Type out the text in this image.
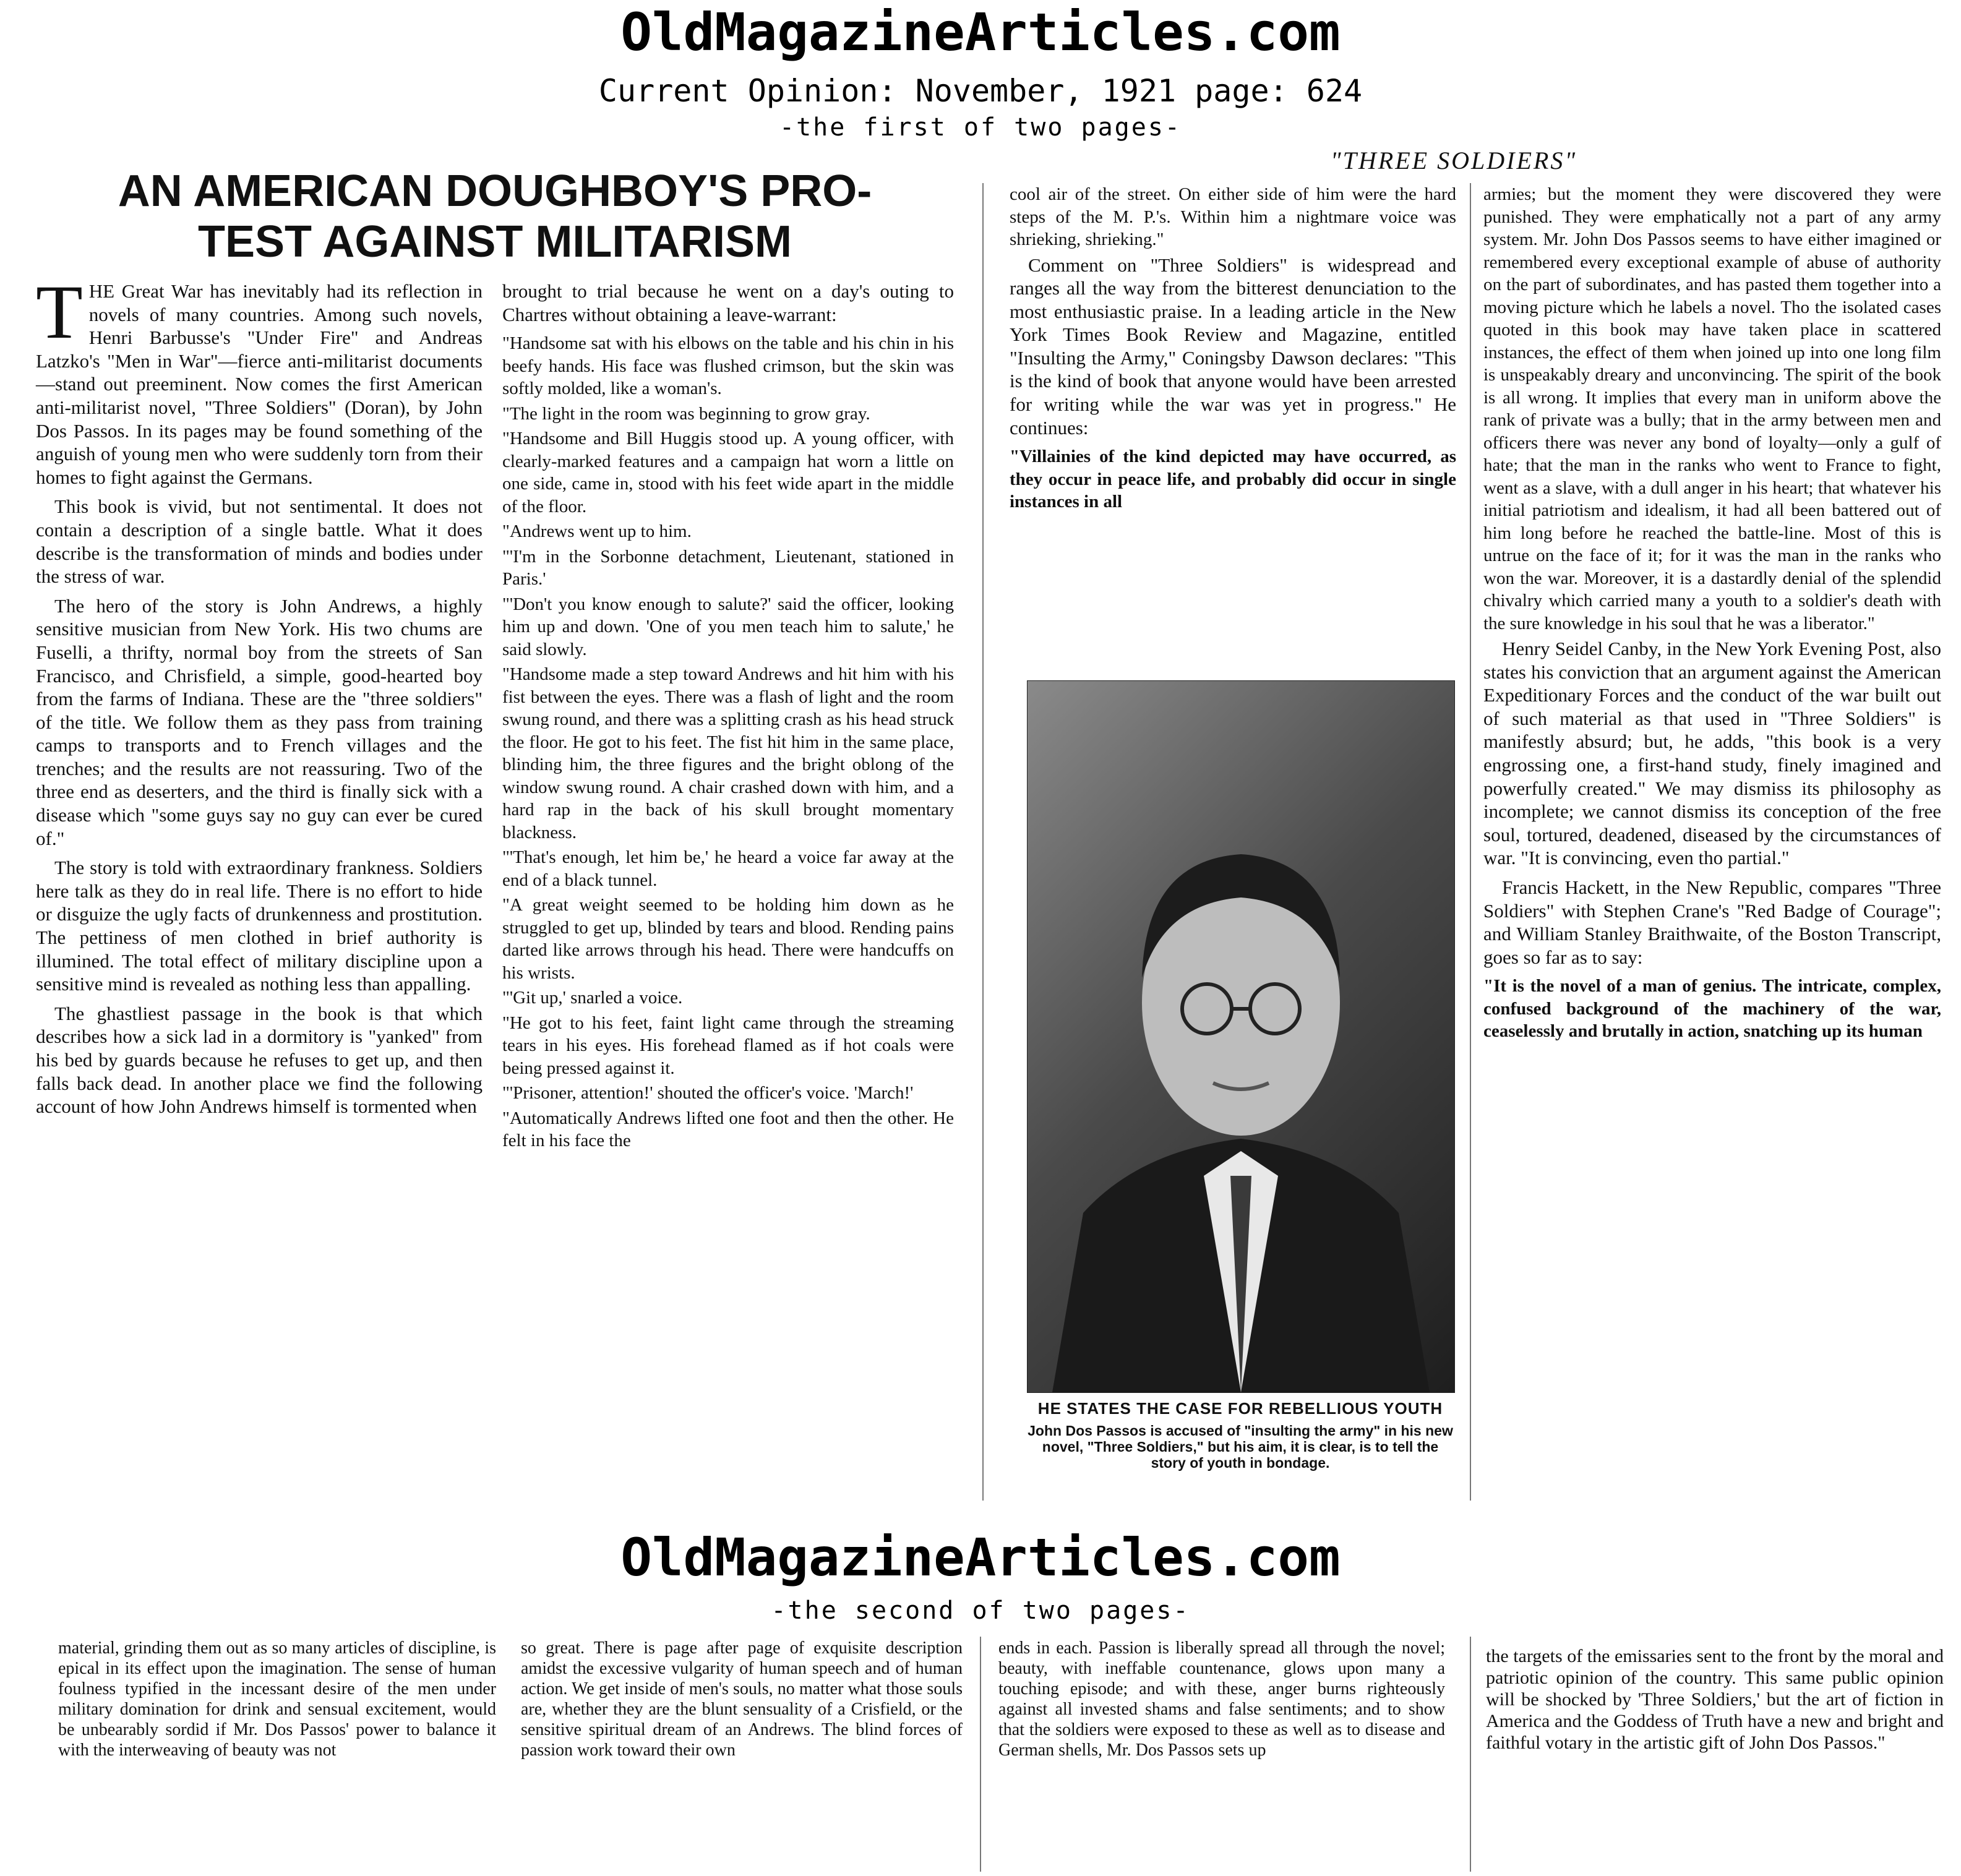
OldMagazineArticles.com
Current Opinion: November, 1921 page: 624
-the first of two pages-
"THREE SOLDIERS"
AN AMERICAN DOUGHBOY'S PRO-
TEST AGAINST MILITARISM

THE Great War has inevitably had its reflection in novels of many countries. Among such novels, Henri Barbusse's "Under Fire" and Andreas Latzko's "Men in War"—fierce anti-militarist documents—stand out preeminent. Now comes the first American anti-militarist novel, "Three Soldiers" (Doran), by John Dos Passos. In its pages may be found something of the anguish of young men who were suddenly torn from their homes to fight against the Germans.

This book is vivid, but not sentimental. It does not contain a description of a single battle. What it does describe is the transformation of minds and bodies under the stress of war.

The hero of the story is John Andrews, a highly sensitive musician from New York. His two chums are Fuselli, a thrifty, normal boy from the streets of San Francisco, and Chrisfield, a simple, good-hearted boy from the farms of Indiana. These are the "three soldiers" of the title. We follow them as they pass from training camps to transports and to French villages and the trenches; and the results are not reassuring. Two of the three end as deserters, and the third is finally sick with a disease which "some guys say no guy can ever be cured of."

The story is told with extraordinary frankness. Soldiers here talk as they do in real life. There is no effort to hide or disguize the ugly facts of drunkenness and prostitution. The pettiness of men clothed in brief authority is illumined. The total effect of military discipline upon a sensitive mind is revealed as nothing less than appalling.

The ghastliest passage in the book is that which describes how a sick lad in a dormitory is "yanked" from his bed by guards because he refuses to get up, and then falls back dead. In another place we find the following account of how John Andrews himself is tormented when

brought to trial because he went on a day's outing to Chartres without obtaining a leave-warrant:

"Handsome sat with his elbows on the table and his chin in his beefy hands. His face was flushed crimson, but the skin was softly molded, like a woman's.

"The light in the room was beginning to grow gray.

"Handsome and Bill Huggis stood up. A young officer, with clearly-marked features and a campaign hat worn a little on one side, came in, stood with his feet wide apart in the middle of the floor.

"Andrews went up to him.

"'I'm in the Sorbonne detachment, Lieutenant, stationed in Paris.'

"'Don't you know enough to salute?' said the officer, looking him up and down. 'One of you men teach him to salute,' he said slowly.

"Handsome made a step toward Andrews and hit him with his fist between the eyes. There was a flash of light and the room swung round, and there was a splitting crash as his head struck the floor. He got to his feet. The fist hit him in the same place, blinding him, the three figures and the bright oblong of the window swung round. A chair crashed down with him, and a hard rap in the back of his skull brought momentary blackness.

"'That's enough, let him be,' he heard a voice far away at the end of a black tunnel.

"A great weight seemed to be holding him down as he struggled to get up, blinded by tears and blood. Rending pains darted like arrows through his head. There were handcuffs on his wrists.

"'Git up,' snarled a voice.

"He got to his feet, faint light came through the streaming tears in his eyes. His forehead flamed as if hot coals were being pressed against it.

"'Prisoner, attention!' shouted the officer's voice. 'March!'

"Automatically Andrews lifted one foot and then the other. He felt in his face the

cool air of the street. On either side of him were the hard steps of the M. P.'s. Within him a nightmare voice was shrieking, shrieking."

Comment on "Three Soldiers" is widespread and ranges all the way from the bitterest denunciation to the most enthusiastic praise. In a leading article in the New York Times Book Review and Magazine, entitled "Insulting the Army," Coningsby Dawson declares: "This is the kind of book that anyone would have been arrested for writing while the war was yet in progress." He continues:

"Villainies of the kind depicted may have occurred, as they occur in peace life, and probably did occur in single instances in all

HE STATES THE CASE FOR REBELLIOUS YOUTH

John Dos Passos is accused of "insulting the army" in his new novel, "Three Soldiers," but his aim, it is clear, is to tell the story of youth in bondage.

armies; but the moment they were discovered they were punished. They were emphatically not a part of any army system. Mr. John Dos Passos seems to have either imagined or remembered every exceptional example of abuse of authority on the part of subordinates, and has pasted them together into a moving picture which he labels a novel. Tho the isolated cases quoted in this book may have taken place in scattered instances, the effect of them when joined up into one long film is unspeakably dreary and unconvincing. The spirit of the book is all wrong. It implies that every man in uniform above the rank of private was a bully; that in the army between men and officers there was never any bond of loyalty—only a gulf of hate; that the man in the ranks who went to France to fight, went as a slave, with a dull anger in his heart; that whatever his initial patriotism and idealism, it had all been battered out of him long before he reached the battle-line. Most of this is untrue on the face of it; for it was the man in the ranks who won the war. Moreover, it is a dastardly denial of the splendid chivalry which carried many a youth to a soldier's death with the sure knowledge in his soul that he was a liberator."

Henry Seidel Canby, in the New York Evening Post, also states his conviction that an argument against the American Expeditionary Forces and the conduct of the war built out of such material as that used in "Three Soldiers" is manifestly absurd; but, he adds, "this book is a very engrossing one, a first-hand study, finely imagined and powerfully created." We may dismiss its philosophy as incomplete; we cannot dismiss its conception of the free soul, tortured, deadened, diseased by the circumstances of war. "It is convincing, even tho partial."

Francis Hackett, in the New Republic, compares "Three Soldiers" with Stephen Crane's "Red Badge of Courage"; and William Stanley Braithwaite, of the Boston Transcript, goes so far as to say:

"It is the novel of a man of genius. The intricate, complex, confused background of the machinery of the war, ceaselessly and brutally in action, snatching up its human

OldMagazineArticles.com
-the second of two pages-

material, grinding them out as so many articles of discipline, is epical in its effect upon the imagination. The sense of human foulness typified in the incessant desire of the men under military domination for drink and sensual excitement, would be unbearably sordid if Mr. Dos Passos' power to balance it with the interweaving of beauty was not

so great. There is page after page of exquisite description amidst the excessive vulgarity of human speech and of human action. We get inside of men's souls, no matter what those souls are, whether they are the blunt sensuality of a Crisfield, or the sensitive spiritual dream of an Andrews. The blind forces of passion work toward their own

ends in each. Passion is liberally spread all through the novel; beauty, with ineffable countenance, glows upon many a touching episode; and with these, anger burns righteously against all invested shams and false sentiments; and to show that the soldiers were exposed to these as well as to disease and German shells, Mr. Dos Passos sets up

the targets of the emissaries sent to the front by the moral and patriotic opinion of the country. This same public opinion will be shocked by 'Three Soldiers,' but the art of fiction in America and the Goddess of Truth have a new and bright and faithful votary in the artistic gift of John Dos Passos."
